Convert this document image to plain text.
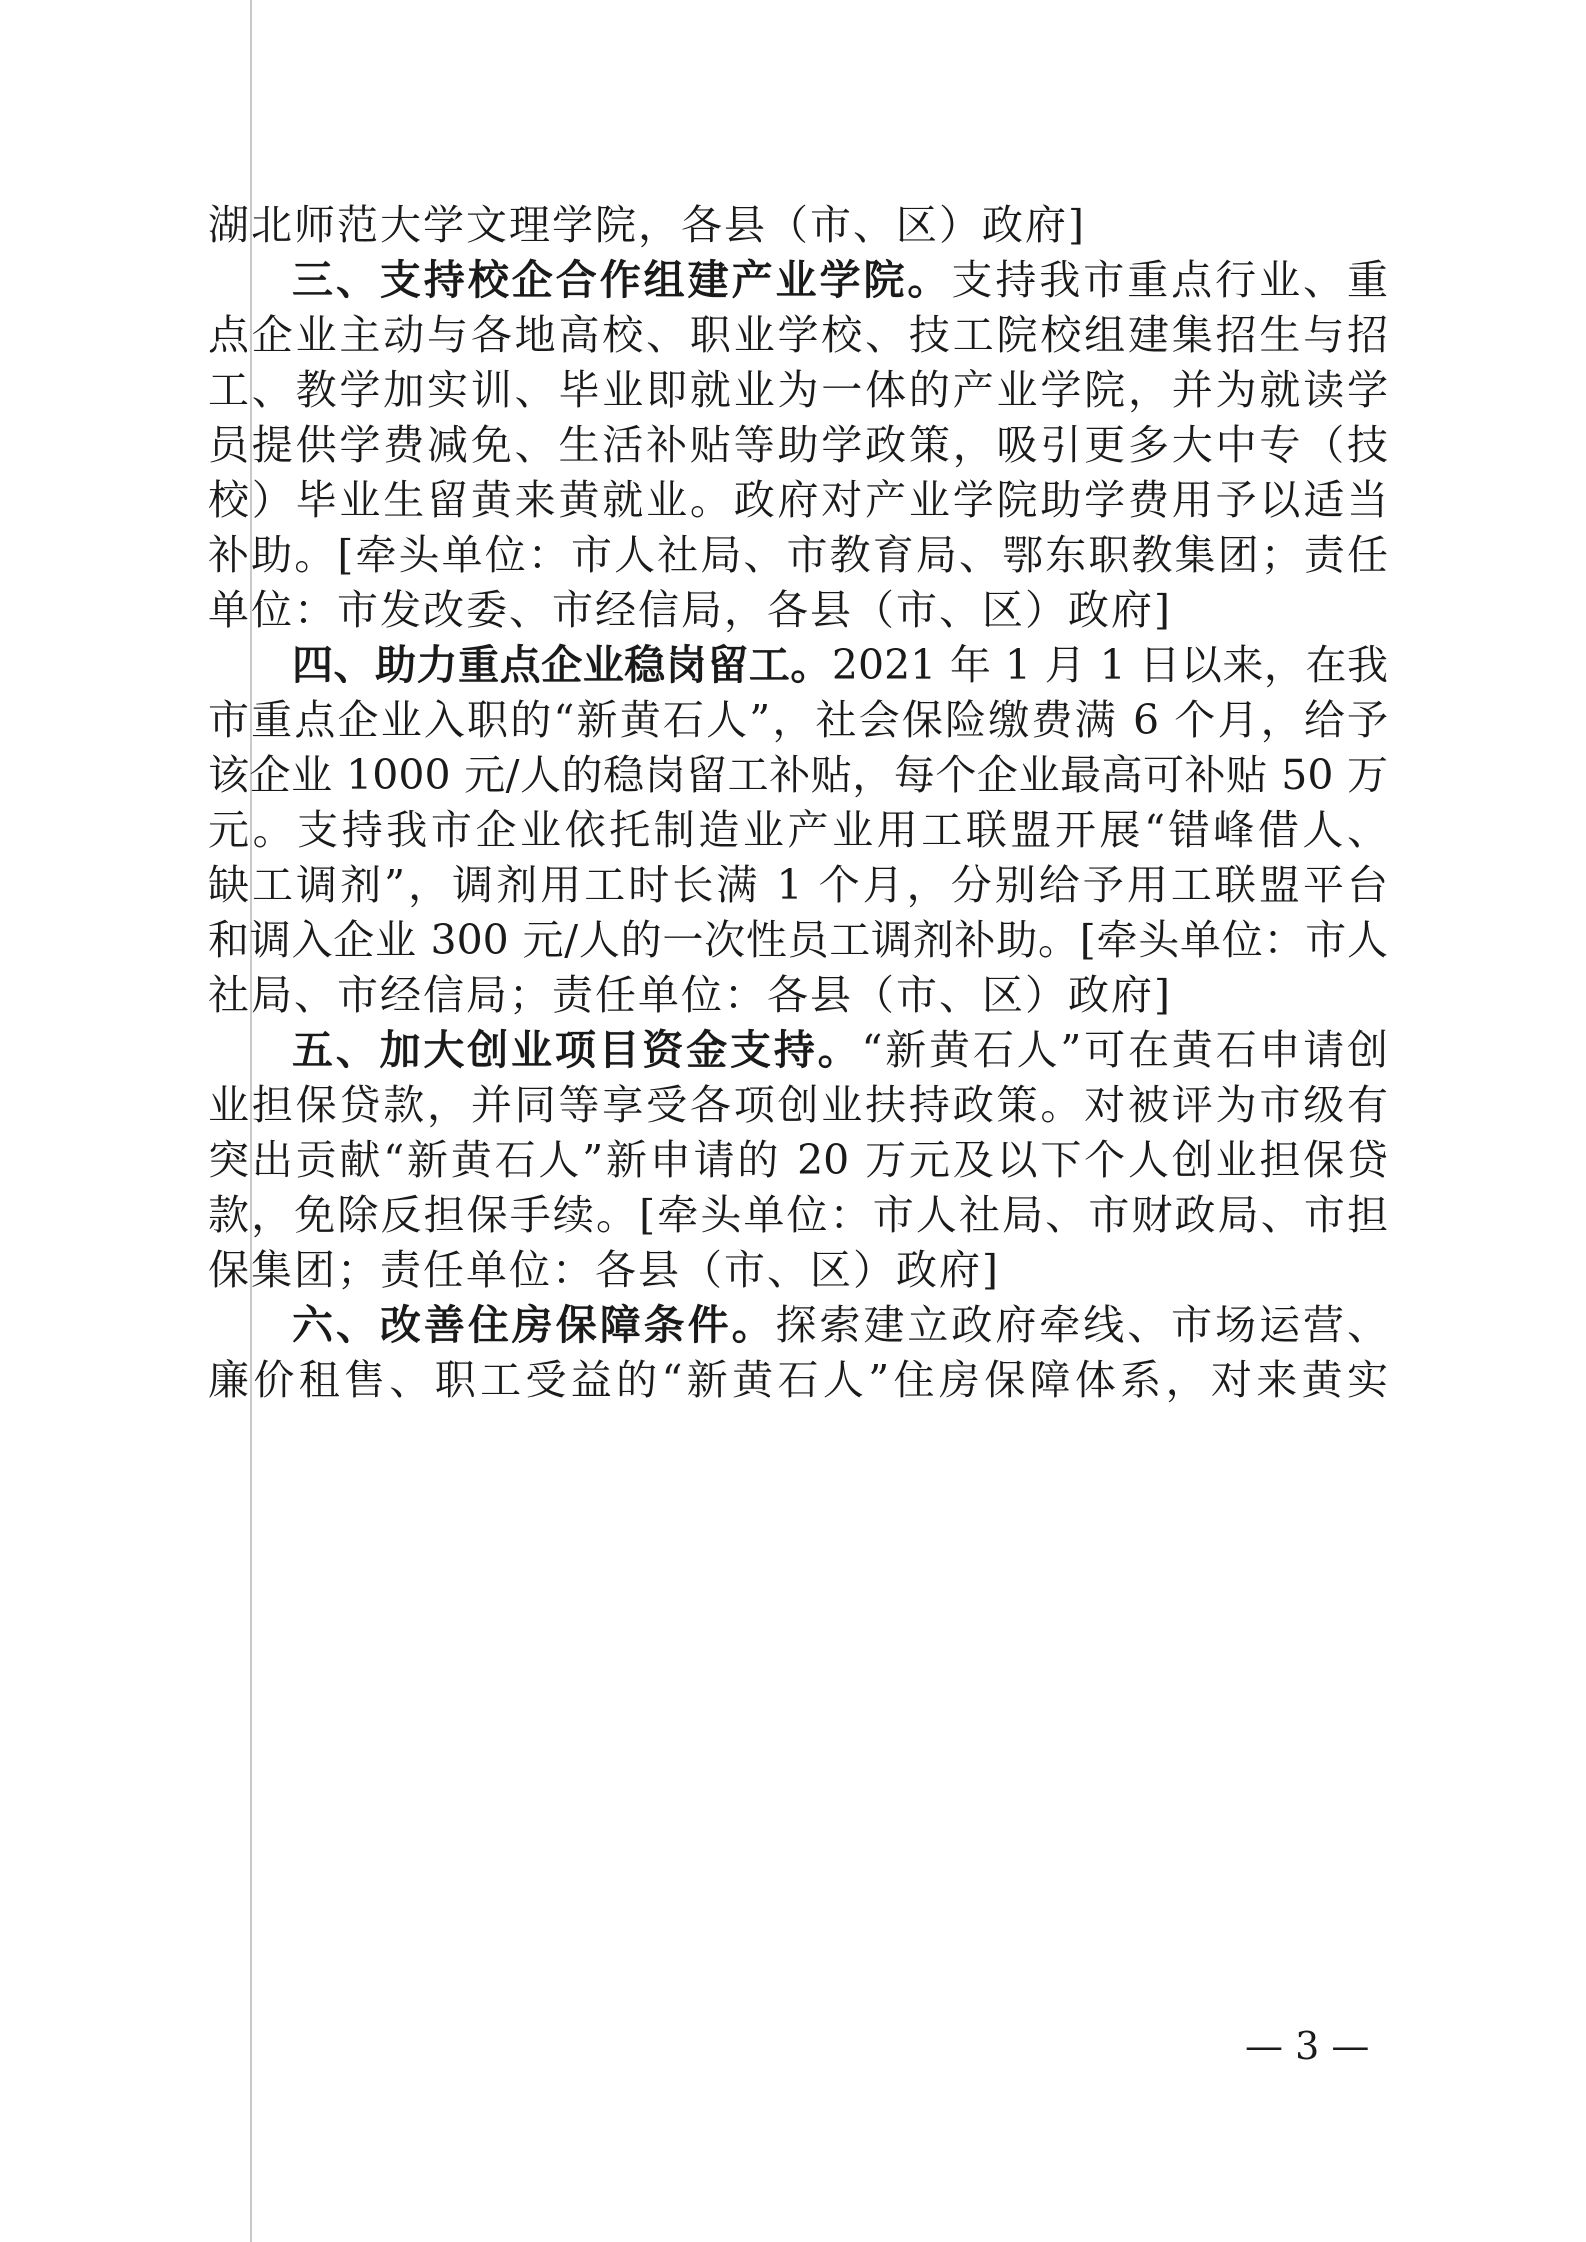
湖北师范大学文理学院，各县（市、区）政府]
三、支持校企合作组建产业学院。支持我市重点行业、重
点企业主动与各地高校、职业学校、技工院校组建集招生与招
工、教学加实训、毕业即就业为一体的产业学院，并为就读学
员提供学费减免、生活补贴等助学政策，吸引更多大中专（技
校）毕业生留黄来黄就业。政府对产业学院助学费用予以适当
补助。[牵头单位：市人社局、市教育局、鄂东职教集团；责任
单位：市发改委、市经信局，各县（市、区）政府]
四、助力重点企业稳岗留工。2021 年 1 月 1 日以来，在我
市重点企业入职的“新黄石人”，社会保险缴费满 6 个月，给予
该企业 1000 元/人的稳岗留工补贴，每个企业最高可补贴 50 万
元。支持我市企业依托制造业产业用工联盟开展“错峰借人、
缺工调剂”，调剂用工时长满 1 个月，分别给予用工联盟平台
和调入企业 300 元/人的一次性员工调剂补助。[牵头单位：市人
社局、市经信局；责任单位：各县（市、区）政府]
五、加大创业项目资金支持。“新黄石人”可在黄石申请创
业担保贷款，并同等享受各项创业扶持政策。对被评为市级有
突出贡献“新黄石人”新申请的 20 万元及以下个人创业担保贷
款，免除反担保手续。[牵头单位：市人社局、市财政局、市担
保集团；责任单位：各县（市、区）政府]
六、改善住房保障条件。探索建立政府牵线、市场运营、
廉价租售、职工受益的“新黄石人”住房保障体系，对来黄实
— 3 —
